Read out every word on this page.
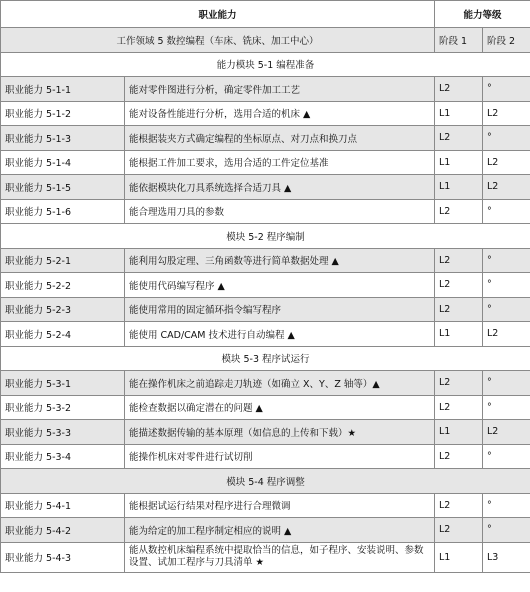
职业能力		能力等级	
工作领域 5 数控编程（车床、铣床、加工中心）		阶段 1	阶段 2
能力模块 5-1 编程准备			
职业能力 5-1-1	能对零件图进行分析，确定零件加工工艺	L2	°
职业能力 5-1-2	能对设备性能进行分析，选用合适的机床 ▲	L1	L2
职业能力 5-1-3	能根据装夹方式确定编程的坐标原点、对刀点和换刀点	L2	°
职业能力 5-1-4	能根据工件加工要求，选用合适的工件定位基准	L1	L2
职业能力 5-1-5	能依据模块化刀具系统选择合适刀具 ▲	L1	L2
职业能力 5-1-6	能合理选用刀具的参数	L2	°
模块 5-2 程序编制			
职业能力 5-2-1	能利用勾股定理、三角函数等进行简单数据处理 ▲	L2	°
职业能力 5-2-2	能使用代码编写程序 ▲	L2	°
职业能力 5-2-3	能使用常用的固定循环指令编写程序	L2	°
职业能力 5-2-4	能使用 CAD/CAM 技术进行自动编程 ▲	L1	L2
模块 5-3 程序试运行			
职业能力 5-3-1	能在操作机床之前追踪走刀轨迹（如确立 X、Y、Z 轴等）▲	L2	°
职业能力 5-3-2	能检查数据以确定潜在的问题 ▲	L2	°
职业能力 5-3-3	能描述数据传输的基本原理（如信息的上传和下载）★	L1	L2
职业能力 5-3-4	能操作机床对零件进行试切削	L2	°
模块 5-4 程序调整			
职业能力 5-4-1	能根据试运行结果对程序进行合理微调	L2	°
职业能力 5-4-2	能为给定的加工程序制定相应的说明 ▲	L2	°
职业能力 5-4-3	能从数控机床编程系统中提取恰当的信息，如子程序、安装说明、参数设置、试加工程序与刀具清单 ★	L1	L3
